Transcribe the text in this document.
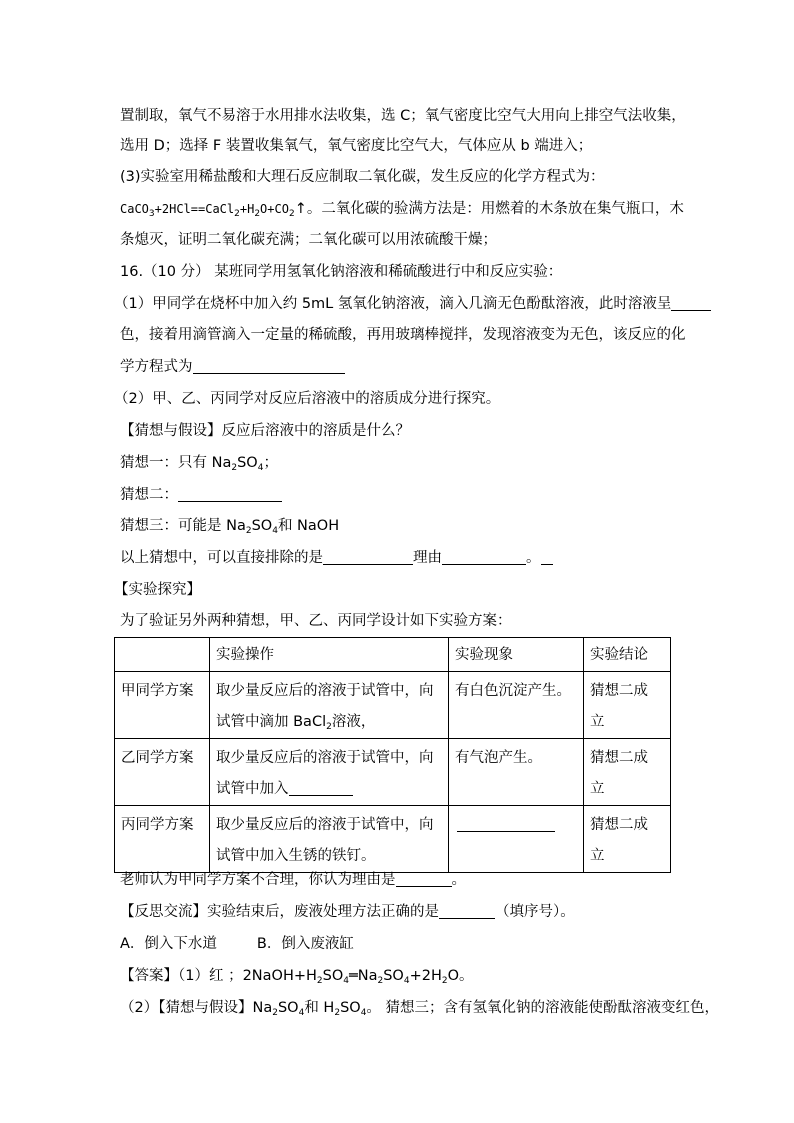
置制取，氧气不易溶于水用排水法收集，选 C；氧气密度比空气大用向上排空气法收集，
选用 D；选择 F 装置收集氧气，氧气密度比空气大，气体应从 b 端进入；
(3)实验室用稀盐酸和大理石反应制取二氧化碳，发生反应的化学方程式为：
$CaCO_3+2HCl==CaCl_2+H_2O+CO_2↑$。二氧化碳的验满方法是：用燃着的木条放在集气瓶口，木
条熄灭，证明二氧化碳充满；二氧化碳可以用浓硫酸干燥；
16.（10 分） 某班同学用氢氧化钠溶液和稀硫酸进行中和反应实验：
（1）甲同学在烧杯中加入约 5mL 氢氧化钠溶液，滴入几滴无色酚酞溶液，此时溶液呈
色，接着用滴管滴入一定量的稀硫酸，再用玻璃棒搅拌，发现溶液变为无色，该反应的化
学方程式为
（2）甲、乙、丙同学对反应后溶液中的溶质成分进行探究。
【猜想与假设】反应后溶液中的溶质是什么？
猜想一：只有 $Na_2SO_4$；
猜想二：
猜想三：可能是 $Na_2SO_4$和 NaOH
以上猜想中，可以直接排除的是	理由	。
【实验探究】
为了验证另外两种猜想，甲、乙、丙同学设计如下实验方案：
	实验操作	实验现象	实验结论
甲同学方案	取少量反应后的溶液于试管中，向
试管中滴加 BaCl$_2$溶液，	有白色沉淀产生。	猜想二成立
乙同学方案	取少量反应后的溶液于试管中，向
试管中加入	有气泡产生。	猜想二成立
丙同学方案	取少量反应后的溶液于试管中，向
试管中加入生锈的铁钉。		猜想二成立
老师认为甲同学方案不合理，你认为理由是	。
【反思交流】实验结束后，废液处理方法正确的是	（填序号）。
A．倒入下水道	B．倒入废液缸
【答案】（1）红 ；$2NaOH+H_2SO_4═Na_2SO_4+2H_2O$。
（2）【猜想与假设】$Na_2SO_4$和 $H_2SO_4$。 猜想三；含有氢氧化钠的溶液能使酚酞溶液变红色，
